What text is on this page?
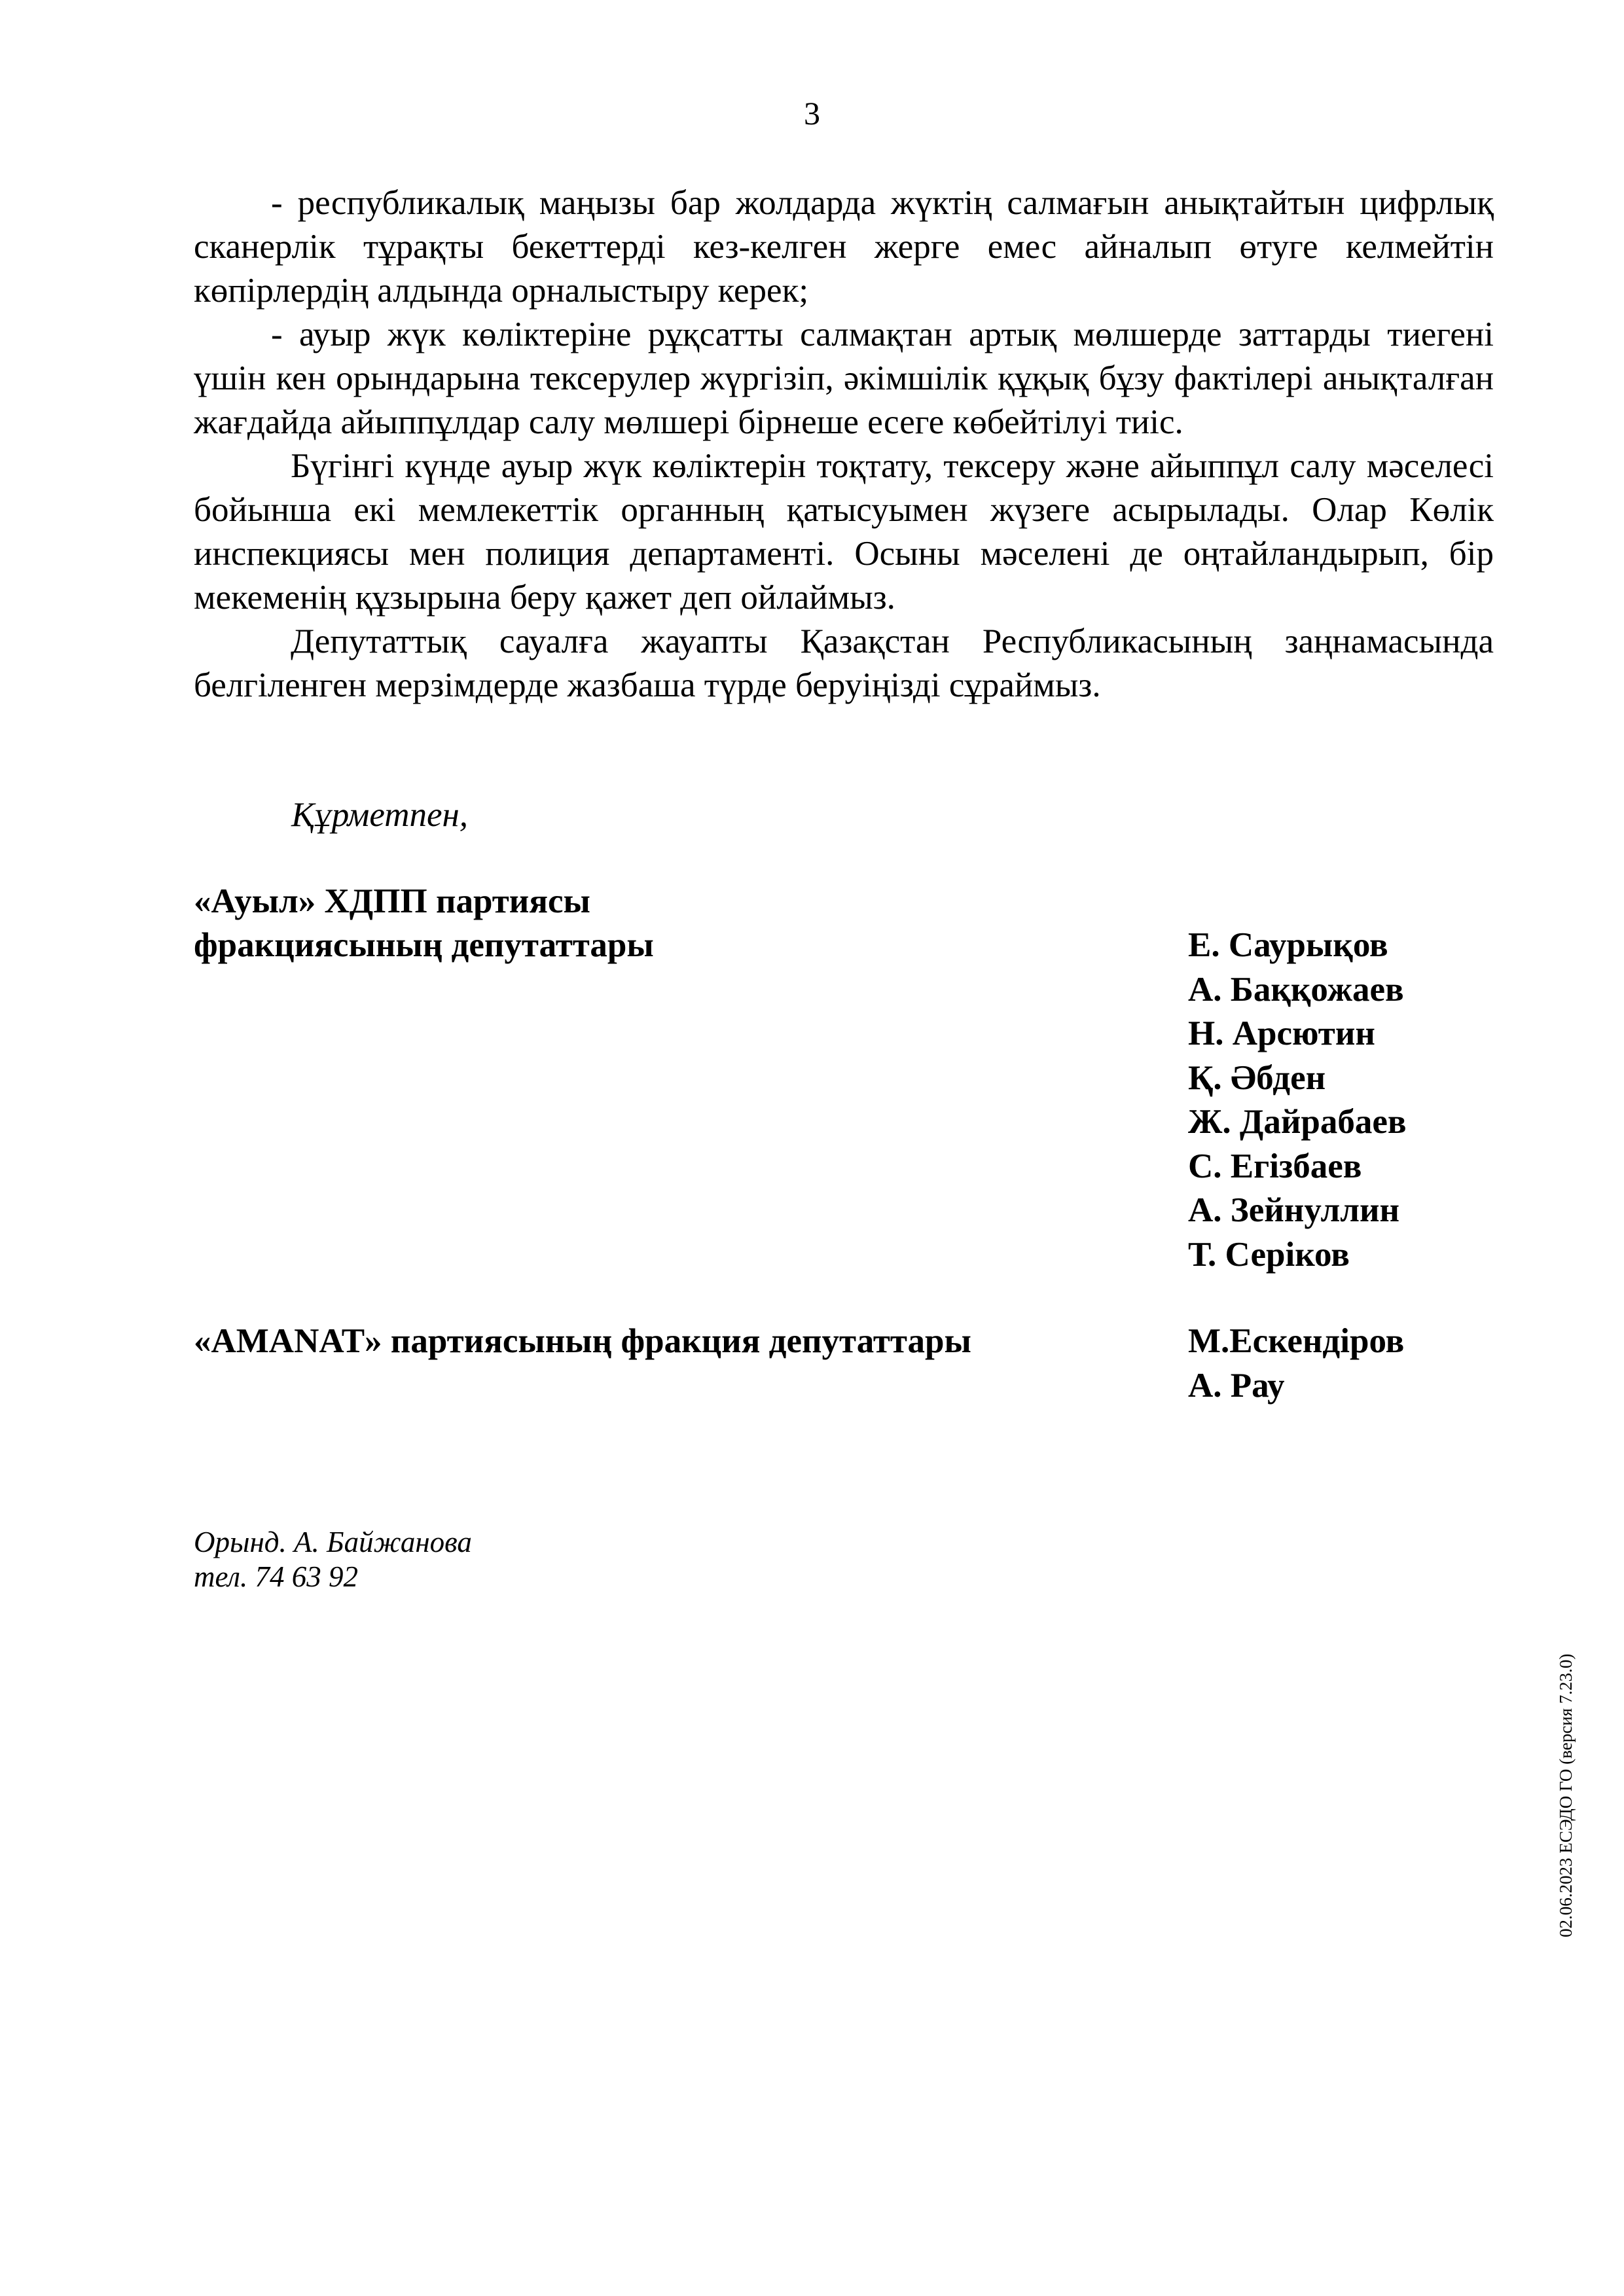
3

- республикалық маңызы бар жолдарда жүктің салмағын анықтайтын цифрлық сканерлік тұрақты бекеттерді кез-келген жерге емес айналып өтуге келмейтін көпірлердің алдында орналыстыру керек;

- ауыр жүк көліктеріне рұқсатты салмақтан артық мөлшерде заттарды тиегені үшін кен орындарына тексерулер жүргізіп, әкімшілік құқық бұзу фактілері анықталған жағдайда айыппұлдар салу мөлшері бірнеше есеге көбейтілуі тиіс.

Бүгінгі күнде ауыр жүк көліктерін тоқтату, тексеру және айыппұл салу мәселесі бойынша екі мемлекеттік органның қатысуымен жүзеге асырылады. Олар Көлік инспекциясы мен полиция департаменті. Осыны мәселені де оңтайландырып, бір мекеменің құзырына беру қажет деп ойлаймыз.

Депутаттық сауалға жауапты Қазақстан Республикасының заңнамасында белгіленген мерзімдерде жазбаша түрде беруіңізді сұраймыз.

Құрметпен,
«Ауыл» ХДПП партиясы
фракциясының депутаттары	Е. Саурықов
А. Баққожаев
Н. Арсютин
Қ. Әбден
Ж. Дайрабаев
С. Егізбаев
А. Зейнуллин
Т. Серіков
«AMANAT» партиясының фракция депутаттары	М.Ескендіров
А. Рау
Орынд. А. Байжанова
тел. 74 63 92
02.06.2023 ЕСЭДО ГО (версия 7.23.0)
